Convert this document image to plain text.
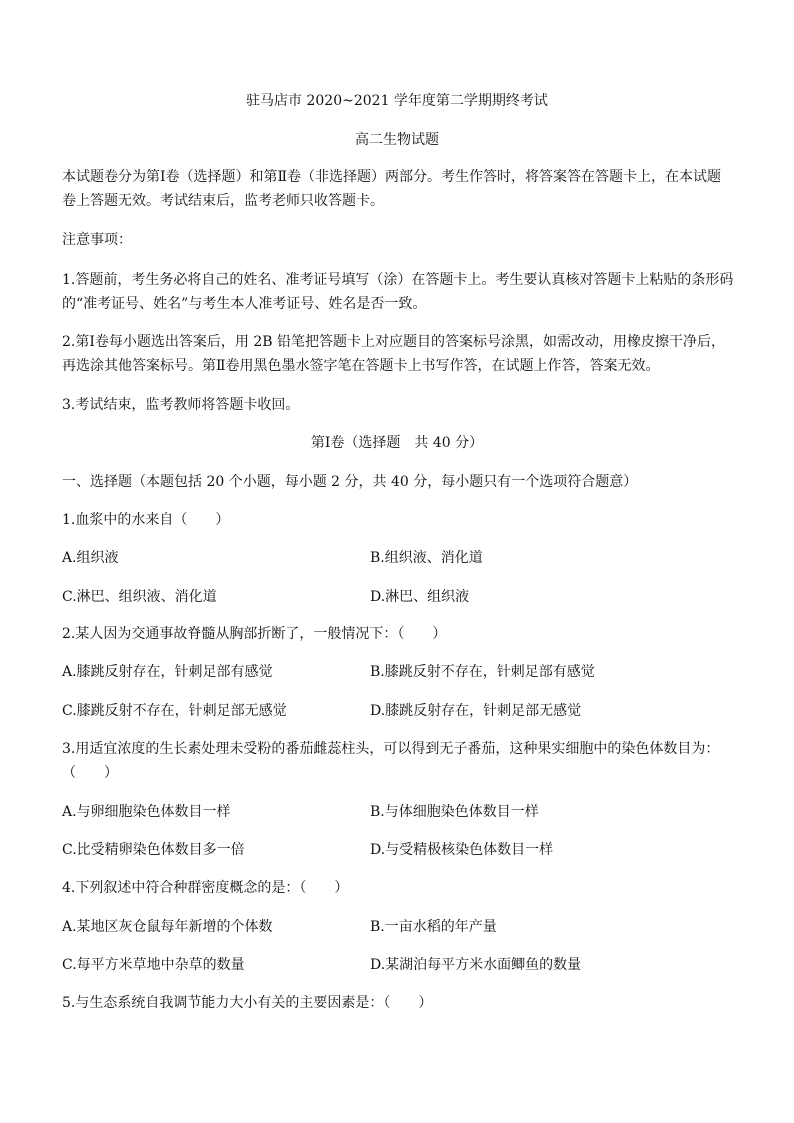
驻马店市 2020~2021 学年度第二学期期终考试
高二生物试题
本试题卷分为第Ⅰ卷（选择题）和第Ⅱ卷（非选择题）两部分。考生作答时，将答案答在答题卡上，在本试题
卷上答题无效。考试结束后，监考老师只收答题卡。
注意事项：
1.答题前，考生务必将自己的姓名、准考证号填写（涂）在答题卡上。考生要认真核对答题卡上粘贴的条形码
的“准考证号、姓名”与考生本人准考证号、姓名是否一致。
2.第Ⅰ卷每小题选出答案后，用 2B 铅笔把答题卡上对应题目的答案标号涂黑，如需改动，用橡皮擦干净后，
再选涂其他答案标号。第Ⅱ卷用黑色墨水签字笔在答题卡上书写作答，在试题上作答，答案无效。
3.考试结束，监考教师将答题卡收回。
第Ⅰ卷（选择题　共 40 分）
一、选择题（本题包括 20 个小题，每小题 2 分，共 40 分，每小题只有一个选项符合题意）
1.血浆中的水来自（　　）
A.组织液	B.组织液、消化道
C.淋巴、组织液、消化道	D.淋巴、组织液
2.某人因为交通事故脊髓从胸部折断了，一般情况下：（　　）
A.膝跳反射存在，针刺足部有感觉	B.膝跳反射不存在，针刺足部有感觉
C.膝跳反射不存在，针刺足部无感觉	D.膝跳反射存在，针刺足部无感觉
3.用适宜浓度的生长素处理未受粉的番茄雌蕊柱头，可以得到无子番茄，这种果实细胞中的染色体数目为：
（　　）
A.与卵细胞染色体数目一样	B.与体细胞染色体数目一样
C.比受精卵染色体数目多一倍	D.与受精极核染色体数目一样
4.下列叙述中符合种群密度概念的是：（　　）
A.某地区灰仓鼠每年新增的个体数	B.一亩水稻的年产量
C.每平方米草地中杂草的数量	D.某湖泊每平方米水面鲫鱼的数量
5.与生态系统自我调节能力大小有关的主要因素是：（　　）
